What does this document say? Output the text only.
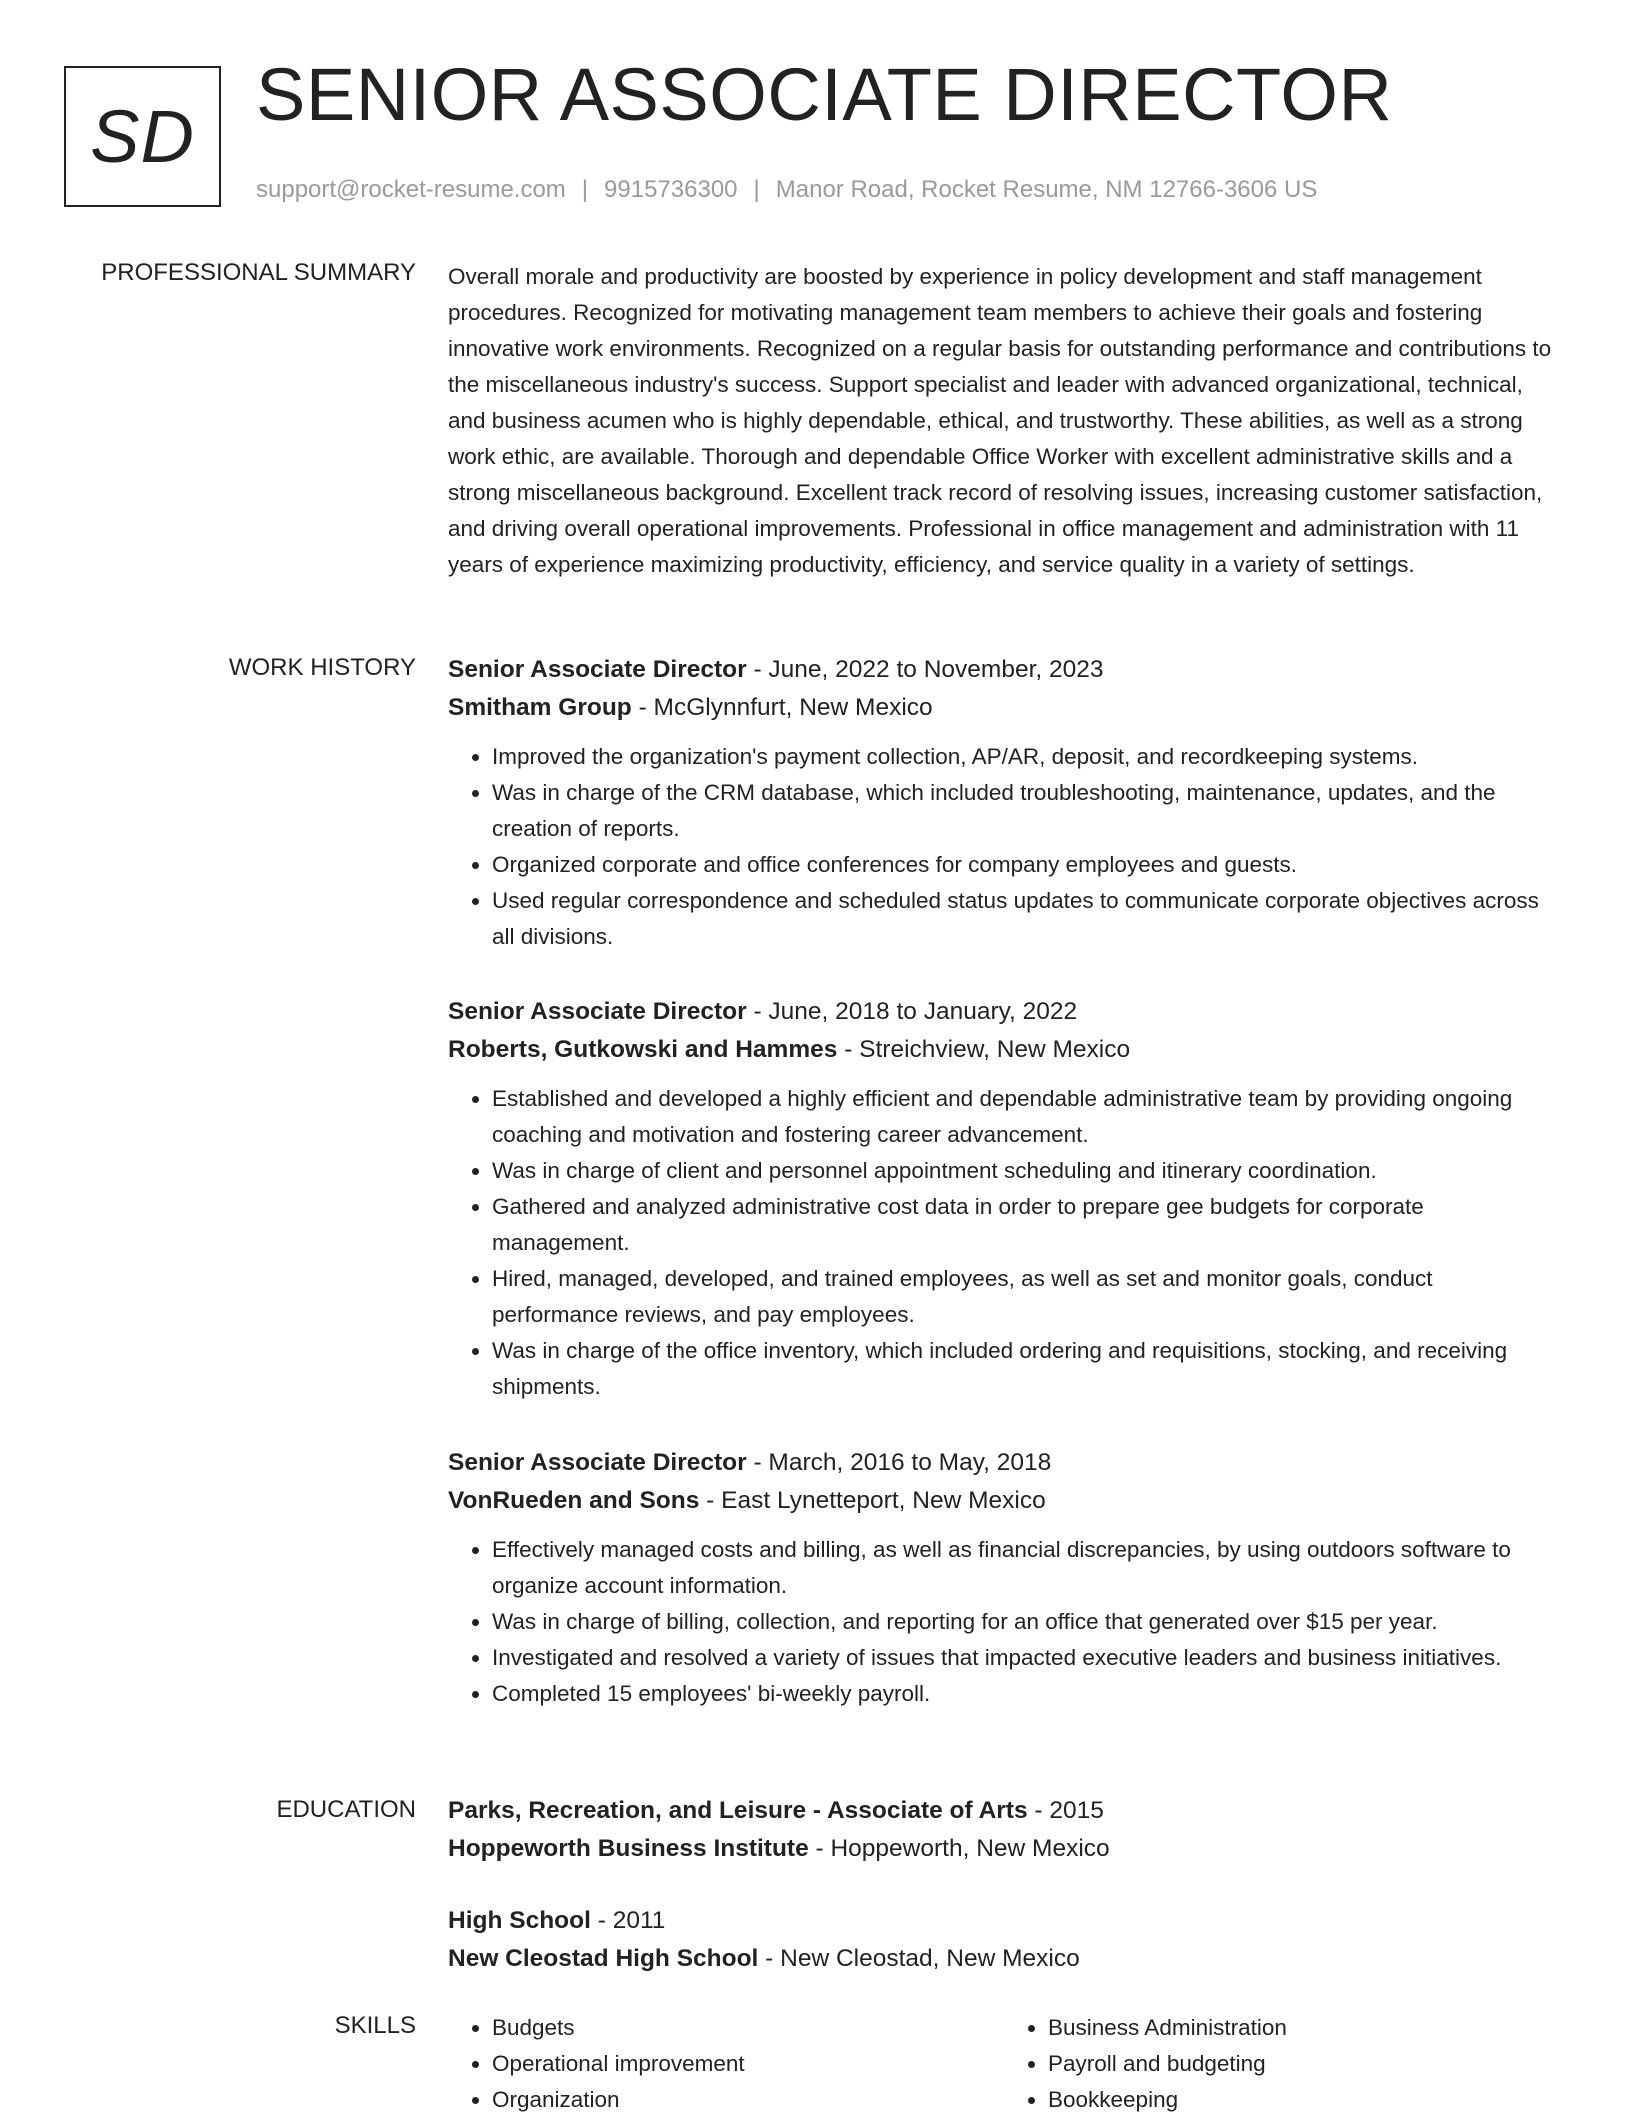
SD
SENIOR ASSOCIATE DIRECTOR
support@rocket-resume.com | 9915736300 | Manor Road, Rocket Resume, NM 12766-3606 US
PROFESSIONAL SUMMARY Overall morale and productivity are boosted by experience in policy development and staff management procedures. Recognized for motivating management team members to achieve their goals and fostering innovative work environments. Recognized on a regular basis for outstanding performance and contributions to the miscellaneous industry's success. Support specialist and leader with advanced organizational, technical, and business acumen who is highly dependable, ethical, and trustworthy. These abilities, as well as a strong work ethic, are available. Thorough and dependable Office Worker with excellent administrative skills and a strong miscellaneous background. Excellent track record of resolving issues, increasing customer satisfaction, and driving overall operational improvements. Professional in office management and administration with 11 years of experience maximizing productivity, efficiency, and service quality in a variety of settings.

WORK HISTORY Senior Associate Director - June, 2022 to November, 2023
Smitham Group - McGlynnfurt, New Mexico
• Improved the organization's payment collection, AP/AR, deposit, and recordkeeping systems.
• Was in charge of the CRM database, which included troubleshooting, maintenance, updates, and the creation of reports.
• Organized corporate and office conferences for company employees and guests.
• Used regular correspondence and scheduled status updates to communicate corporate objectives across all divisions.
Senior Associate Director - June, 2018 to January, 2022
Roberts, Gutkowski and Hammes - Streichview, New Mexico
• Established and developed a highly efficient and dependable administrative team by providing ongoing coaching and motivation and fostering career advancement.
• Was in charge of client and personnel appointment scheduling and itinerary coordination.
• Gathered and analyzed administrative cost data in order to prepare gee budgets for corporate management.
• Hired, managed, developed, and trained employees, as well as set and monitor goals, conduct performance reviews, and pay employees.
• Was in charge of the office inventory, which included ordering and requisitions, stocking, and receiving shipments.
Senior Associate Director - March, 2016 to May, 2018
VonRueden and Sons - East Lynetteport, New Mexico
• Effectively managed costs and billing, as well as financial discrepancies, by using outdoors software to organize account information.
• Was in charge of billing, collection, and reporting for an office that generated over $15 per year.
• Investigated and resolved a variety of issues that impacted executive leaders and business initiatives.
• Completed 15 employees' bi-weekly payroll.
EDUCATION Parks, Recreation, and Leisure - Associate of Arts - 2015
Hoppeworth Business Institute - Hoppeworth, New Mexico
High School - 2011
New Cleostad High School - New Cleostad, New Mexico
SKILLS
•	Budgets
• Operational improvement
• Organization
• Business Administration
• Payroll and budgeting
• Bookkeeping
